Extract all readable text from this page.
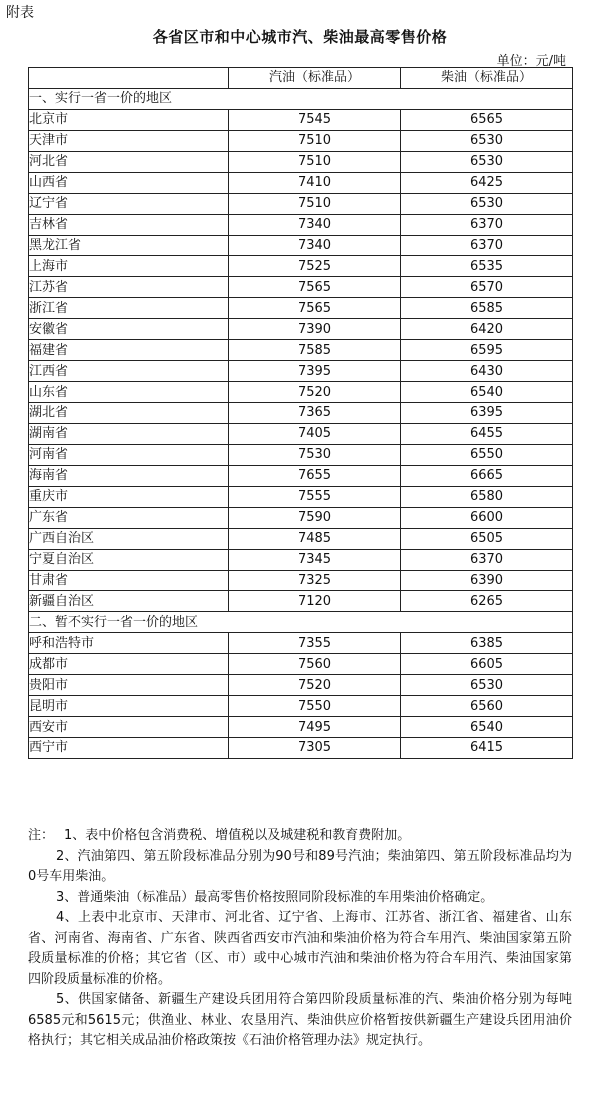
附表
各省区市和中心城市汽、柴油最高零售价格
单位：元/吨
	汽油（标准品）	柴油（标准品）
一、实行一省一价的地区		
北京市	7545	6565
天津市	7510	6530
河北省	7510	6530
山西省	7410	6425
辽宁省	7510	6530
吉林省	7340	6370
黑龙江省	7340	6370
上海市	7525	6535
江苏省	7565	6570
浙江省	7565	6585
安徽省	7390	6420
福建省	7585	6595
江西省	7395	6430
山东省	7520	6540
湖北省	7365	6395
湖南省	7405	6455
河南省	7530	6550
海南省	7655	6665
重庆市	7555	6580
广东省	7590	6600
广西自治区	7485	6505
宁夏自治区	7345	6370
甘肃省	7325	6390
新疆自治区	7120	6265
二、暂不实行一省一价的地区		
呼和浩特市	7355	6385
成都市	7560	6605
贵阳市	7520	6530
昆明市	7550	6560
西安市	7495	6540
西宁市	7305	6415
注： 1、表中价格包含消费税、增值税以及城建税和教育费附加。
2、汽油第四、第五阶段标准品分别为90号和89号汽油；柴油第四、第五阶段标准品均为0号车用柴油。
3、普通柴油（标准品）最高零售价格按照同阶段标准的车用柴油价格确定。
4、上表中北京市、天津市、河北省、辽宁省、上海市、江苏省、浙江省、福建省、山东省、河南省、海南省、广东省、陕西省西安市汽油和柴油价格为符合车用汽、柴油国家第五阶段质量标准的价格；其它省（区、市）或中心城市汽油和柴油价格为符合车用汽、柴油国家第四阶段质量标准的价格。
5、供国家储备、新疆生产建设兵团用符合第四阶段质量标准的汽、柴油价格分别为每吨6585元和5615元；供渔业、林业、农垦用汽、柴油供应价格暂按供新疆生产建设兵团用油价格执行；其它相关成品油价格政策按《石油价格管理办法》规定执行。
